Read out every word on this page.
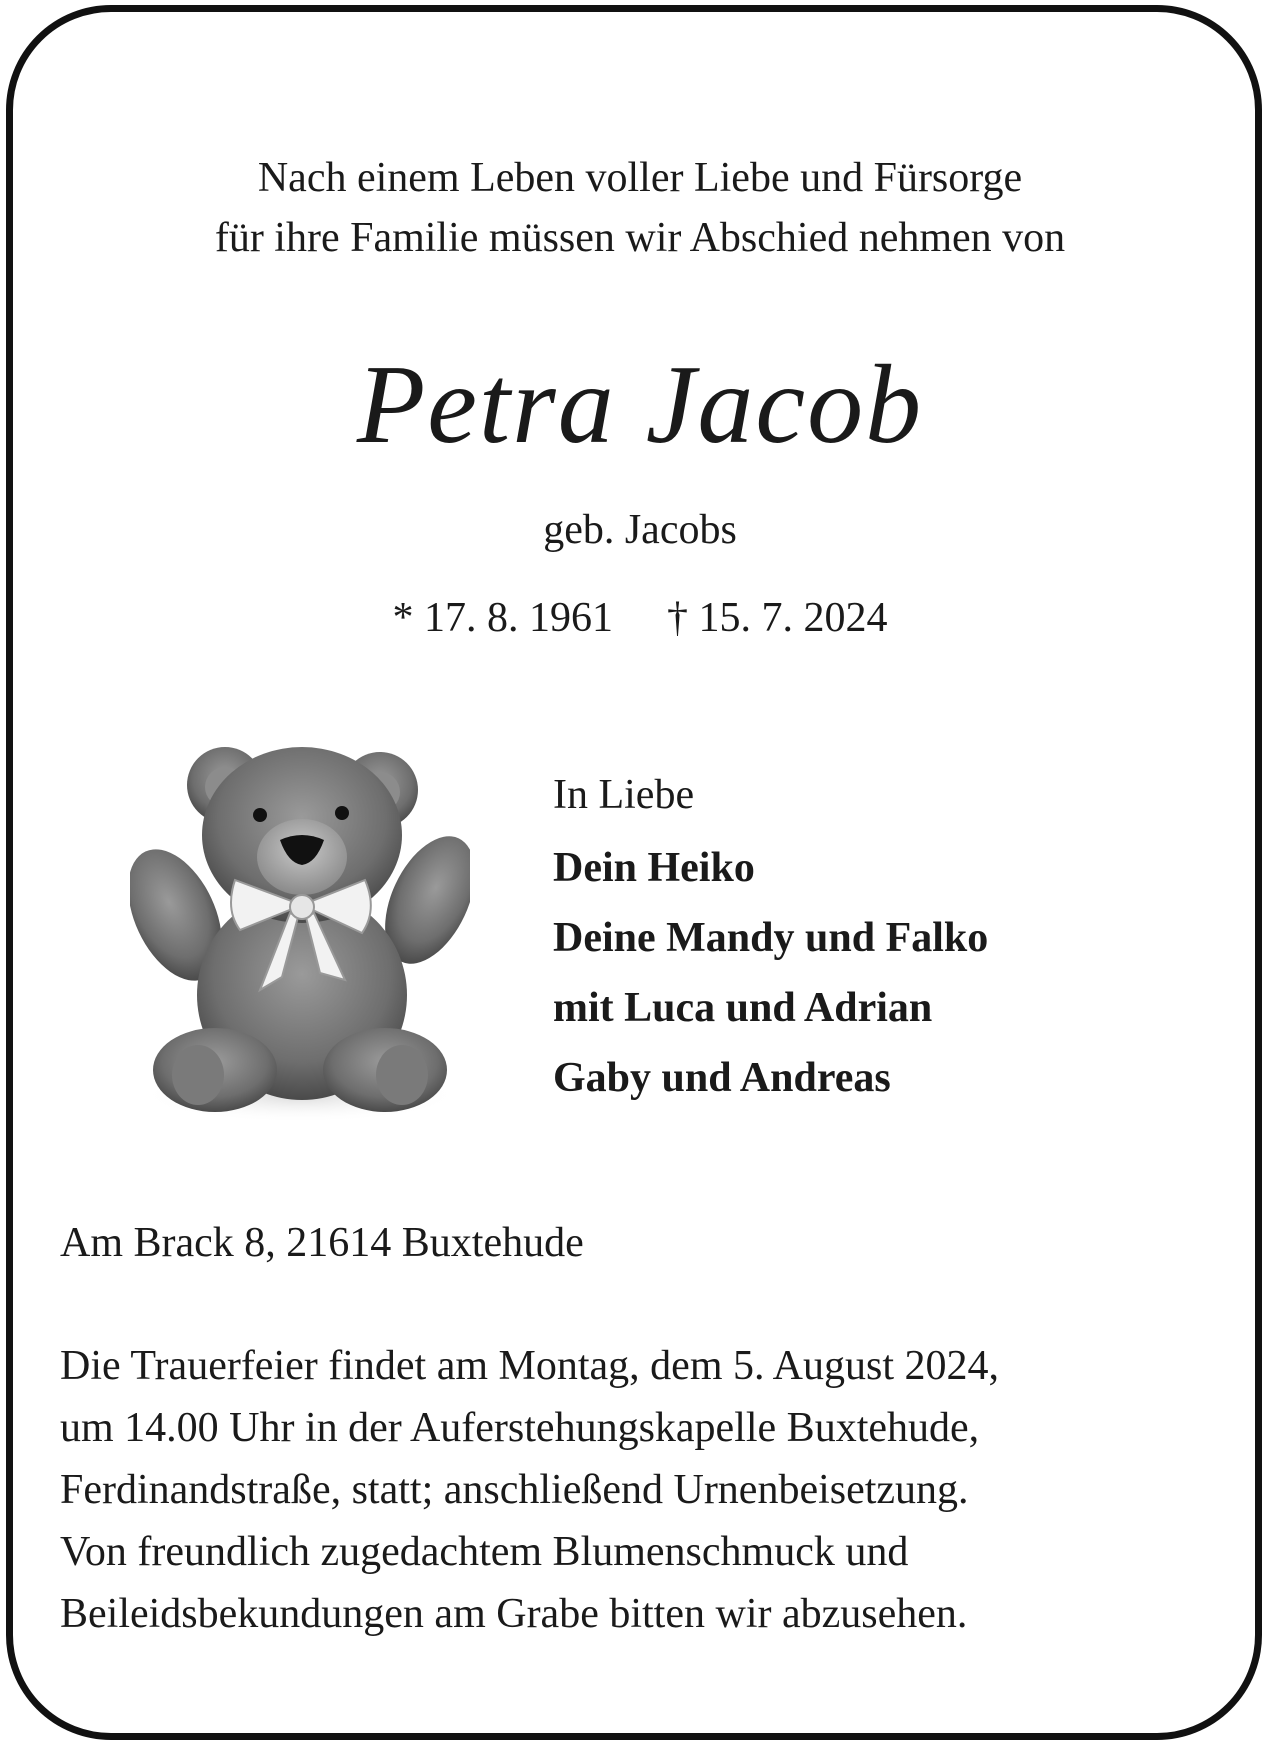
Nach einem Leben voller Liebe und Fürsorge
für ihre Familie müssen wir Abschied nehmen von
Petra Jacob
geb. Jacobs
* 17. 8. 1961 † 15. 7. 2024
In Liebe
Dein Heiko
Deine Mandy und Falko
mit Luca und Adrian
Gaby und Andreas
Am Brack 8, 21614 Buxtehude
Die Trauerfeier findet am Montag, dem 5. August 2024,
um 14.00 Uhr in der Auferstehungskapelle Buxtehude,
Ferdinandstraße, statt; anschließend Urnenbeisetzung.
Von freundlich zugedachtem Blumenschmuck und
Beileidsbekundungen am Grabe bitten wir abzusehen.
